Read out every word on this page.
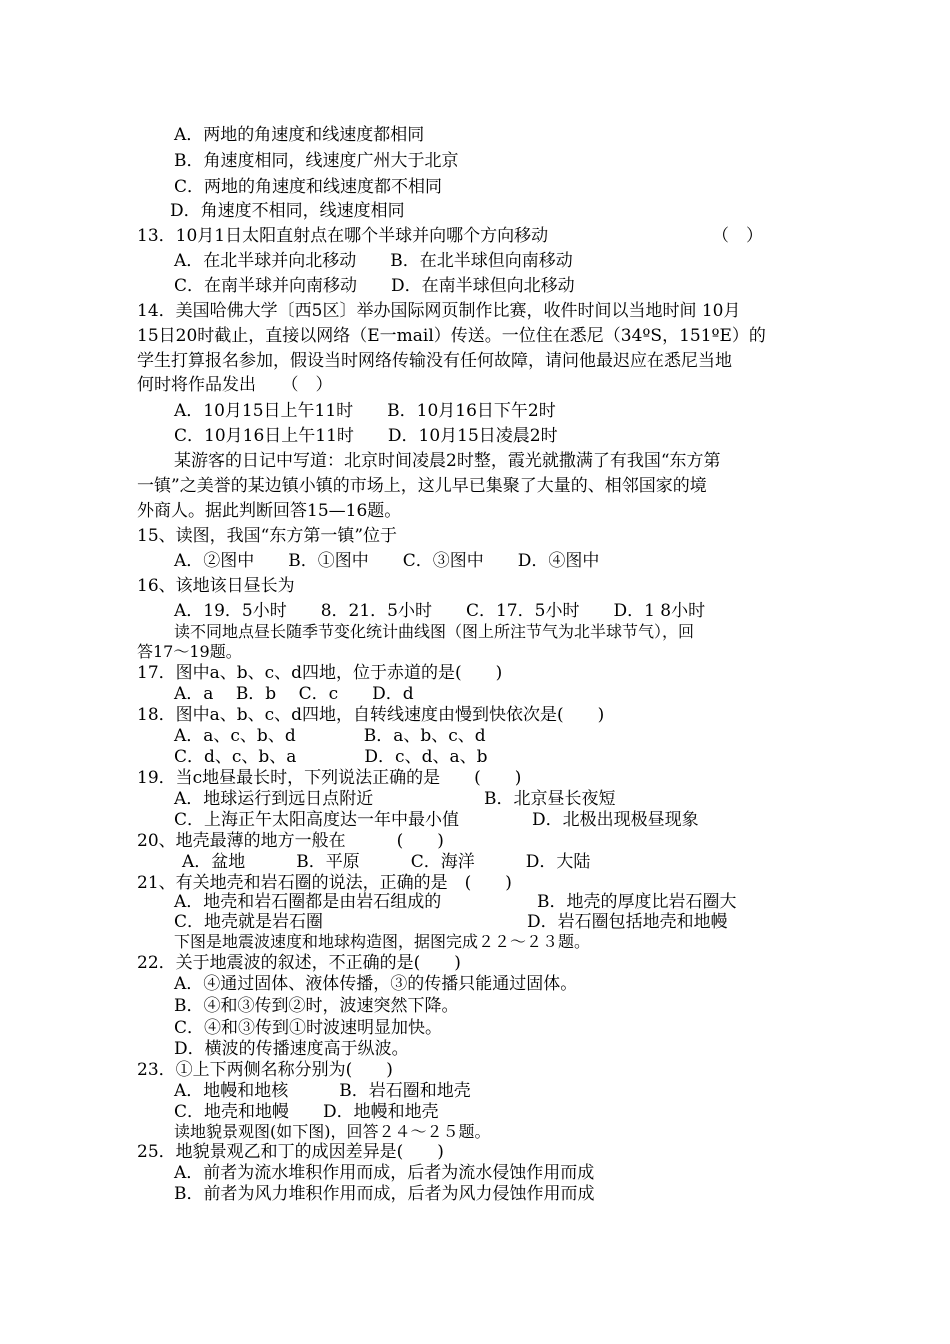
A．两地的角速度和线速度都相同
B．角速度相同，线速度广州大于北京
C．两地的角速度和线速度都不相同
D．角速度不相同，线速度相同
13．10月1日太阳直射点在哪个半球并向哪个方向移动	（　）
A．在北半球并向北移动　　B．在北半球但向南移动
C．在南半球并向南移动　　D．在南半球但向北移动
14．美国哈佛大学〔西5区〕举办国际网页制作比赛，收件时间以当地时间 10月
15日20时截止，直接以网络（E一mail）传送。一位住在悉尼（34ºS，151ºE）的
学生打算报名参加，假设当时网络传输没有任何故障，请问他最迟应在悉尼当地
何时将作品发出　　（　）
A．10月15日上午11时　　B．10月16日下午2时
C．10月16日上午11时　　D．10月15日凌晨2时
某游客的日记中写道：北京时间凌晨2时整，霞光就撒满了有我国“东方第
一镇”之美誉的某边镇小镇的市场上，这儿早已集聚了大量的、相邻国家的境
外商人。据此判断回答15—16题。
15、读图，我国“东方第一镇”位于
A．②图中　　B．①图中　　C．③图中　　D．④图中
16、该地该日昼长为
A．19．5小时　　8．21．5小时　　C．17．5小时　　D．1 8小时
读不同地点昼长随季节变化统计曲线图（图上所注节气为北半球节气），回
答17～19题。
17．图中a、b、c、d四地，位于赤道的是(　　)
A．a　 B．b　 C．c　　D．d
18．图中a、b、c、d四地，自转线速度由慢到快依次是(　　)
A．a、c、b、d　　　　B．a、b、c、d
C．d、c、b、a　　　　D．c、d、a、b
19．当c地昼最长时，下列说法正确的是　　(　　)
A．地球运行到远日点附近	B．北京昼长夜短
C．上海正午太阳高度达一年中最小值	D．北极出现极昼现象
20、地壳最薄的地方一般在　　　(　　)
A．盆地　　　B．平原　　　C．海洋　　　D．大陆
21、有关地壳和岩石圈的说法，正确的是　(　　)
A．地壳和岩石圈都是由岩石组成的	B．地壳的厚度比岩石圈大
C．地壳就是岩石圈	D．岩石圈包括地壳和地幔
下图是地震波速度和地球构造图，据图完成２２～２３题。
22．关于地震波的叙述，不正确的是(　　)
A．④通过固体、液体传播，③的传播只能通过固体。
B．④和③传到②时，波速突然下降。
C．④和③传到①时波速明显加快。
D．横波的传播速度高于纵波。
23．①上下两侧名称分别为(　　)
A．地幔和地核　　　B．岩石圈和地壳
C．地壳和地幔　　D．地幔和地壳
读地貌景观图(如下图)，回答２４～２５题。
25．地貌景观乙和丁的成因差异是(　　)
A．前者为流水堆积作用而成，后者为流水侵蚀作用而成
B．前者为风力堆积作用而成，后者为风力侵蚀作用而成
